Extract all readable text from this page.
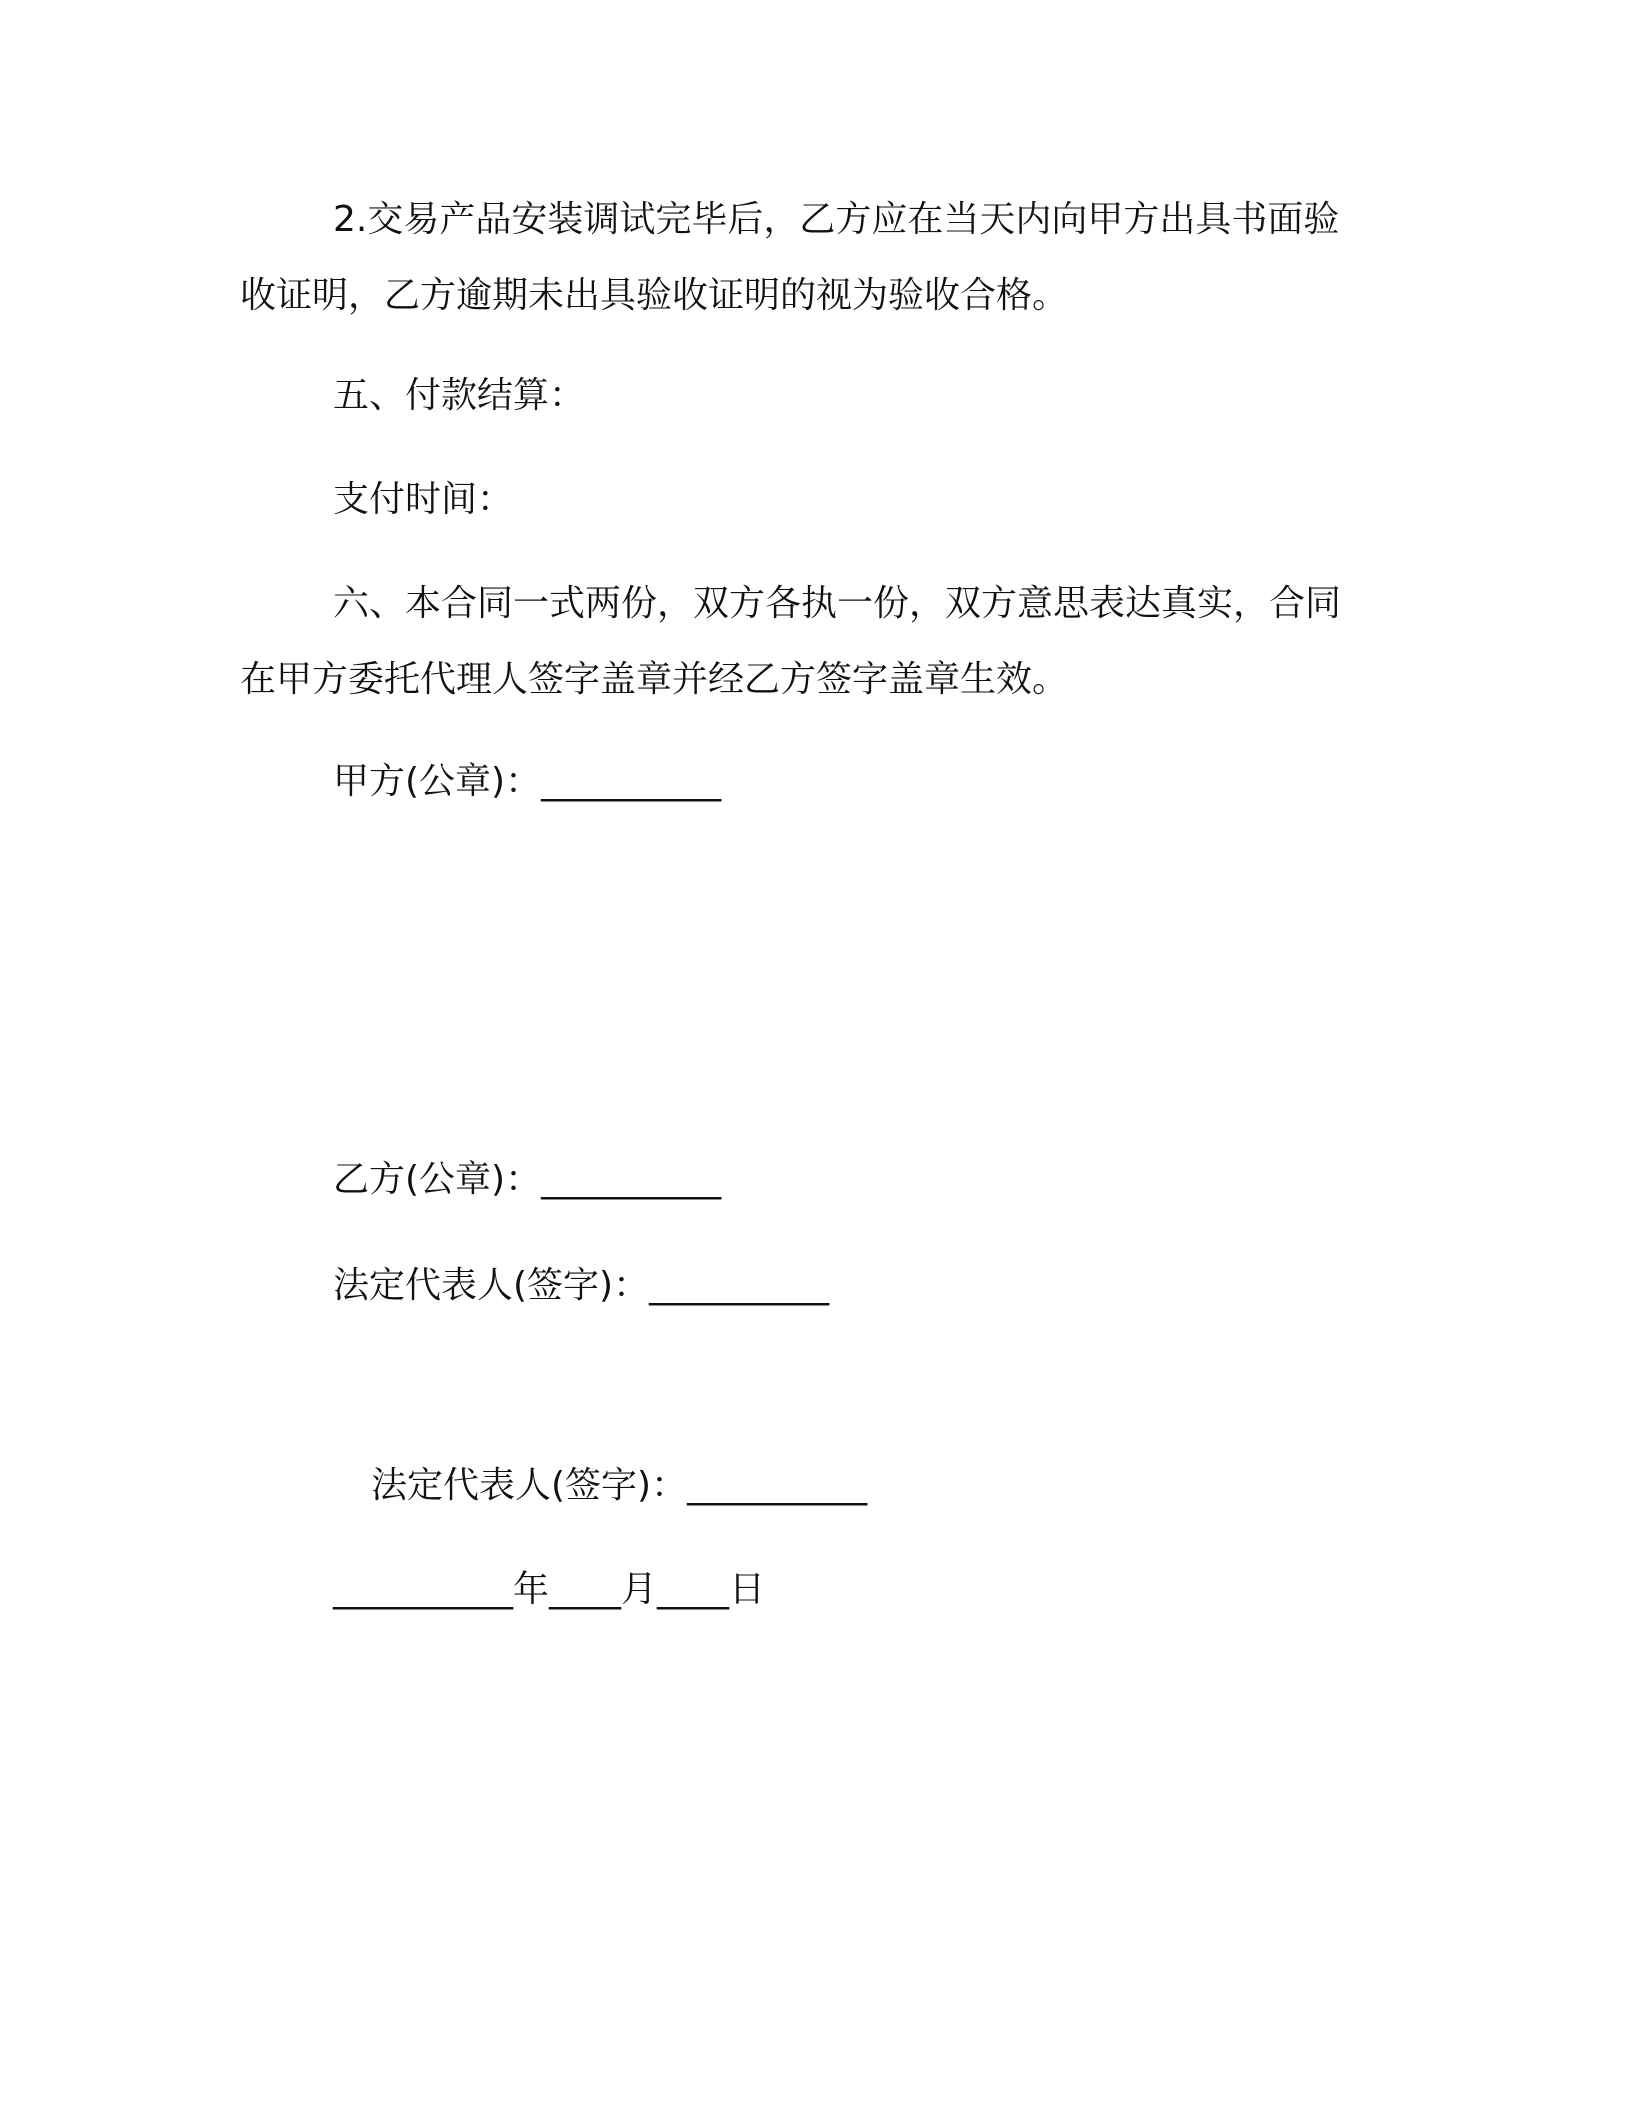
2.交易产品安装调试完毕后，乙方应在当天内向甲方出具书面验
收证明，乙方逾期未出具验收证明的视为验收合格。
五、付款结算：
支付时间：
六、本合同一式两份，双方各执一份，双方意思表达真实，合同
在甲方委托代理人签字盖章并经乙方签字盖章生效。
甲方(公章)：__________
乙方(公章)：__________
法定代表人(签字)：__________
法定代表人(签字)：__________
__________年____月____日
